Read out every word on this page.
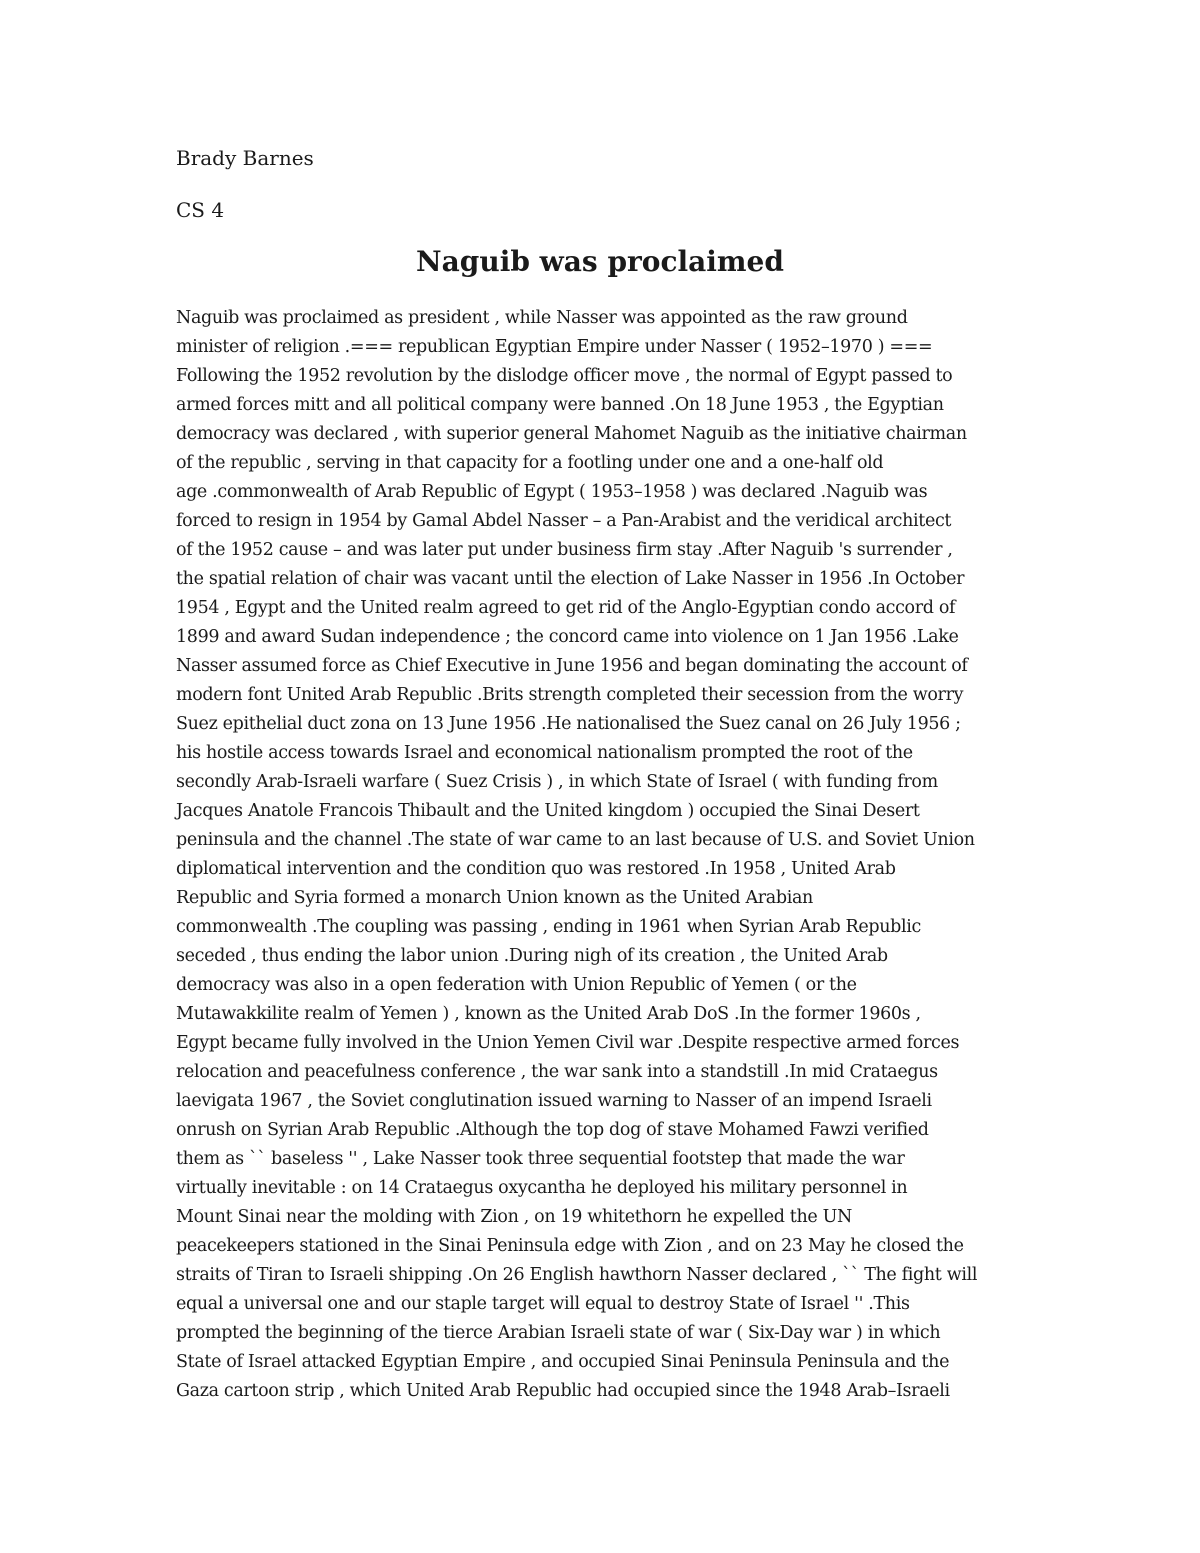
Brady Barnes
CS 4
Naguib was proclaimed
Naguib was proclaimed as president , while Nasser was appointed as the raw ground
minister of religion .=== republican Egyptian Empire under Nasser ( 1952–1970 ) ===
Following the 1952 revolution by the dislodge officer move , the normal of Egypt passed to
armed forces mitt and all political company were banned .On 18 June 1953 , the Egyptian
democracy was declared , with superior general Mahomet Naguib as the initiative chairman
of the republic , serving in that capacity for a footling under one and a one-half old
age .commonwealth of Arab Republic of Egypt ( 1953–1958 ) was declared .Naguib was
forced to resign in 1954 by Gamal Abdel Nasser – a Pan-Arabist and the veridical architect
of the 1952 cause – and was later put under business firm stay .After Naguib 's surrender ,
the spatial relation of chair was vacant until the election of Lake Nasser in 1956 .In October
1954 , Egypt and the United realm agreed to get rid of the Anglo-Egyptian condo accord of
1899 and award Sudan independence ; the concord came into violence on 1 Jan 1956 .Lake
Nasser assumed force as Chief Executive in June 1956 and began dominating the account of
modern font United Arab Republic .Brits strength completed their secession from the worry
Suez epithelial duct zona on 13 June 1956 .He nationalised the Suez canal on 26 July 1956 ;
his hostile access towards Israel and economical nationalism prompted the root of the
secondly Arab-Israeli warfare ( Suez Crisis ) , in which State of Israel ( with funding from
Jacques Anatole Francois Thibault and the United kingdom ) occupied the Sinai Desert
peninsula and the channel .The state of war came to an last because of U.S. and Soviet Union
diplomatical intervention and the condition quo was restored .In 1958 , United Arab
Republic and Syria formed a monarch Union known as the United Arabian
commonwealth .The coupling was passing , ending in 1961 when Syrian Arab Republic
seceded , thus ending the labor union .During nigh of its creation , the United Arab
democracy was also in a open federation with Union Republic of Yemen ( or the
Mutawakkilite realm of Yemen ) , known as the United Arab DoS .In the former 1960s ,
Egypt became fully involved in the Union Yemen Civil war .Despite respective armed forces
relocation and peacefulness conference , the war sank into a standstill .In mid Crataegus
laevigata 1967 , the Soviet conglutination issued warning to Nasser of an impend Israeli
onrush on Syrian Arab Republic .Although the top dog of stave Mohamed Fawzi verified
them as `` baseless '' , Lake Nasser took three sequential footstep that made the war
virtually inevitable : on 14 Crataegus oxycantha he deployed his military personnel in
Mount Sinai near the molding with Zion , on 19 whitethorn he expelled the UN
peacekeepers stationed in the Sinai Peninsula edge with Zion , and on 23 May he closed the
straits of Tiran to Israeli shipping .On 26 English hawthorn Nasser declared , `` The fight will
equal a universal one and our staple target will equal to destroy State of Israel '' .This
prompted the beginning of the tierce Arabian Israeli state of war ( Six-Day war ) in which
State of Israel attacked Egyptian Empire , and occupied Sinai Peninsula Peninsula and the
Gaza cartoon strip , which United Arab Republic had occupied since the 1948 Arab–Israeli
